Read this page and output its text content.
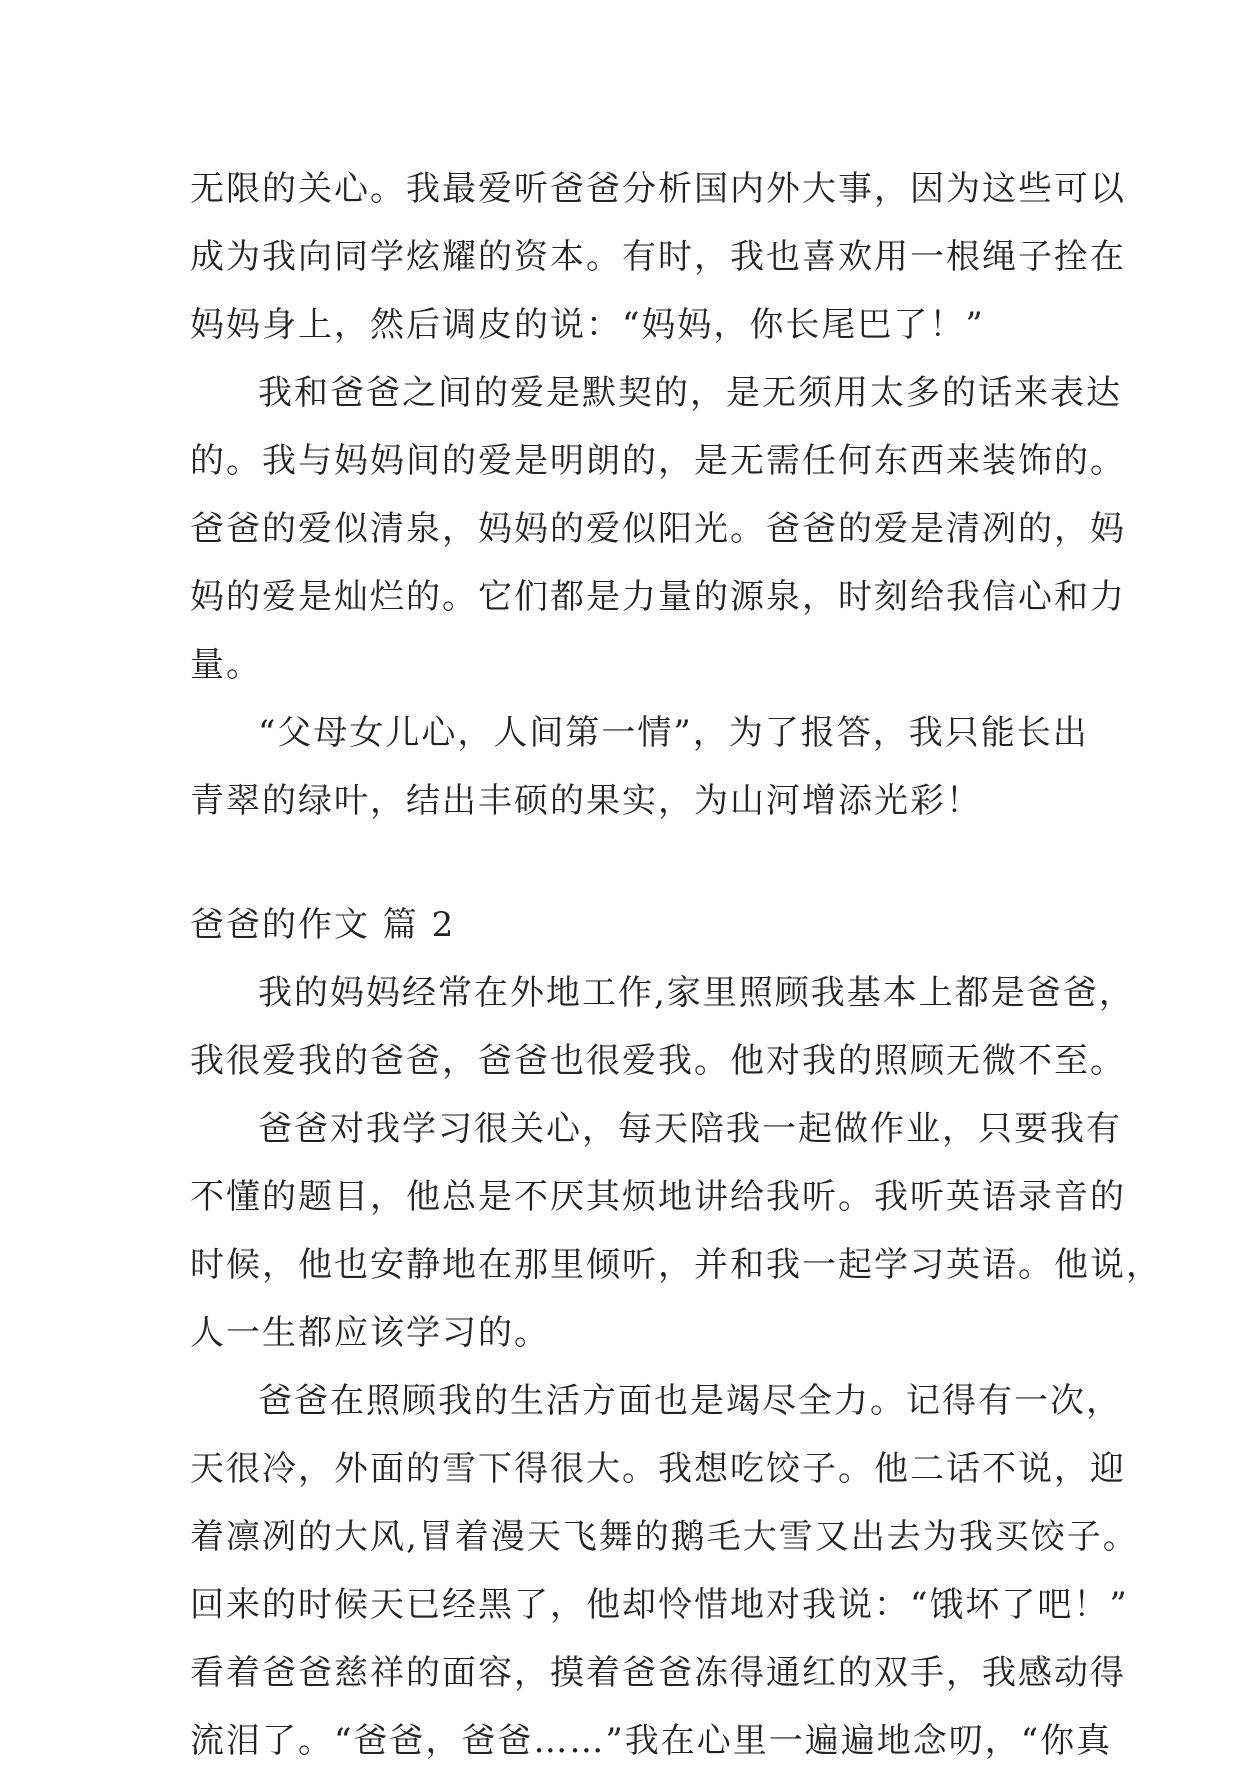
无限的关心。我最爱听爸爸分析国内外大事，因为这些可以
成为我向同学炫耀的资本。有时，我也喜欢用一根绳子拴在
妈妈身上，然后调皮的说：“妈妈，你长尾巴了！”
我和爸爸之间的爱是默契的，是无须用太多的话来表达
的。我与妈妈间的爱是明朗的，是无需任何东西来装饰的。
爸爸的爱似清泉，妈妈的爱似阳光。爸爸的爱是清冽的，妈
妈的爱是灿烂的。它们都是力量的源泉，时刻给我信心和力
量。
“父母女儿心，人间第一情”，为了报答，我只能长出
青翠的绿叶，结出丰硕的果实，为山河增添光彩！
爸爸的作文 篇 2
我的妈妈经常在外地工作,家里照顾我基本上都是爸爸，
我很爱我的爸爸，爸爸也很爱我。他对我的照顾无微不至。
爸爸对我学习很关心，每天陪我一起做作业，只要我有
不懂的题目，他总是不厌其烦地讲给我听。我听英语录音的
时候，他也安静地在那里倾听，并和我一起学习英语。他说，
人一生都应该学习的。
爸爸在照顾我的生活方面也是竭尽全力。记得有一次，
天很冷，外面的雪下得很大。我想吃饺子。他二话不说，迎
着凛冽的大风,冒着漫天飞舞的鹅毛大雪又出去为我买饺子。
回来的时候天已经黑了，他却怜惜地对我说：“饿坏了吧！”
看着爸爸慈祥的面容，摸着爸爸冻得通红的双手，我感动得
流泪了。“爸爸，爸爸……”我在心里一遍遍地念叨，“你真
